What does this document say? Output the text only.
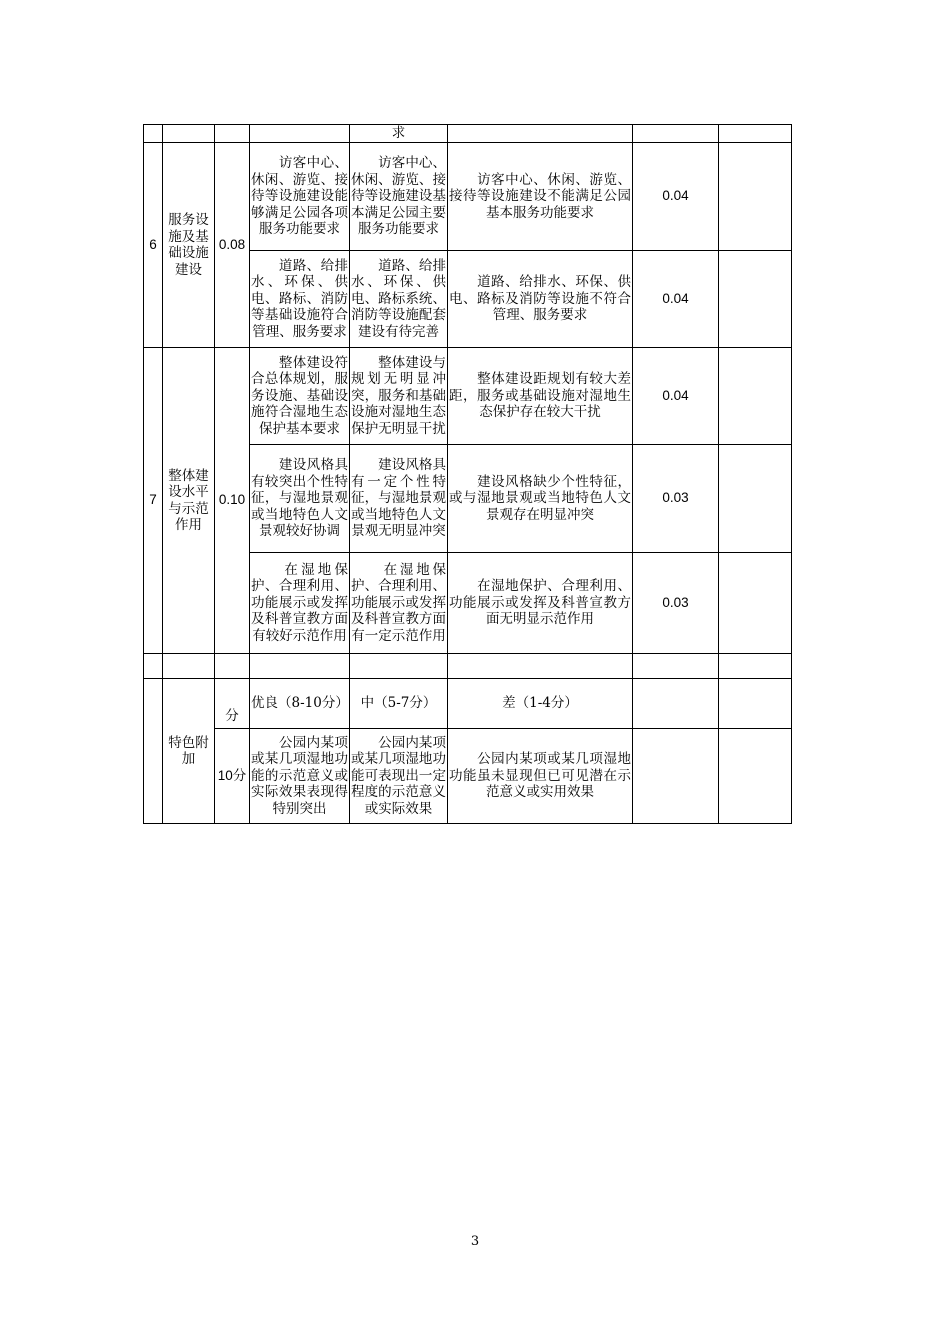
				求			
6	服务设施及基础设施建设	0.08	　　访客中心、休闲、游览、接待等设施建设能够满足公园各项服务功能要求	　　访客中心、休闲、游览、接待等设施建设基本满足公园主要服务功能要求	　　访客中心、休闲、游览、接待等设施建设不能满足公园基本服务功能要求	0.04	
			　　道路、给排水、环保、供电、路标、消防等基础设施符合管理、服务要求	　　道路、给排水、环保、供电、路标系统、消防等设施配套建设有待完善	　　道路、给排水、环保、供电、路标及消防等设施不符合管理、服务要求	0.04	
7	整体建设水平与示范作用	0.10	　　整体建设符合总体规划，服务设施、基础设施符合湿地生态保护基本要求	　　整体建设与规划无明显冲突，服务和基础设施对湿地生态保护无明显干扰	　　整体建设距规划有较大差距，服务或基础设施对湿地生态保护存在较大干扰	0.04	
			　　建设风格具有较突出个性特征，与湿地景观或当地特色人文景观较好协调	　　建设风格具有一定个性特征，与湿地景观或当地特色人文景观无明显冲突	　　建设风格缺少个性特征，或与湿地景观或当地特色人文景观存在明显冲突	0.03	
			　　在湿地保护、合理利用、功能展示或发挥及科普宣教方面有较好示范作用	　　在湿地保护、合理利用、功能展示或发挥及科普宣教方面有一定示范作用	　　在湿地保护、合理利用、功能展示或发挥及科普宣教方面无明显示范作用	0.03	

	特色附加	分	优良（8-10分）	中（5-7分）	差（1-4分）		
		10分	　　公园内某项或某几项湿地功能的示范意义或实际效果表现得特别突出	　　公园内某项或某几项湿地功能可表现出一定程度的示范意义或实际效果	　　公园内某项或某几项湿地功能虽未显现但已可见潜在示范意义或实用效果		
3
